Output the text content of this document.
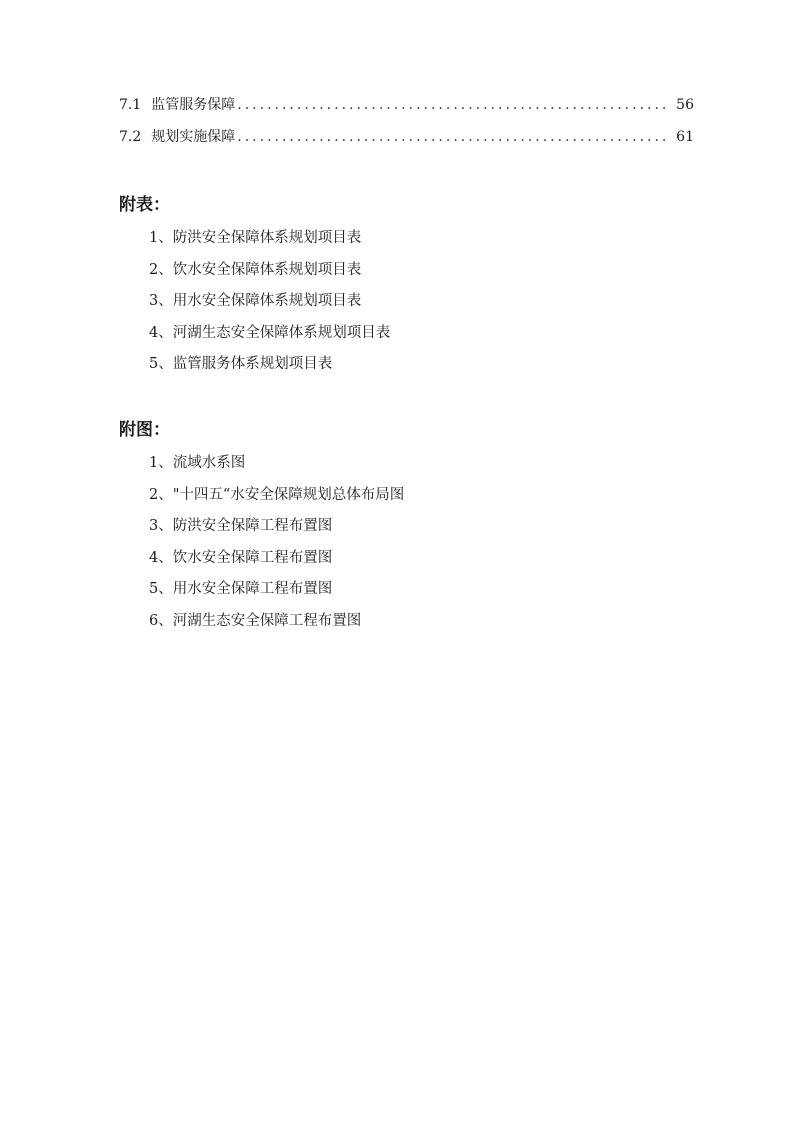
7.1 监管服务保障 .....	56
7.2 规划实施保障 .....	61
附表：
1、防洪安全保障体系规划项目表
2、饮水安全保障体系规划项目表
3、用水安全保障体系规划项目表
4、河湖生态安全保障体系规划项目表
5、监管服务体系规划项目表
附图：
1、流域水系图
2、"十四五“水安全保障规划总体布局图
3、防洪安全保障工程布置图
4、饮水安全保障工程布置图
5、用水安全保障工程布置图
6、河湖生态安全保障工程布置图
